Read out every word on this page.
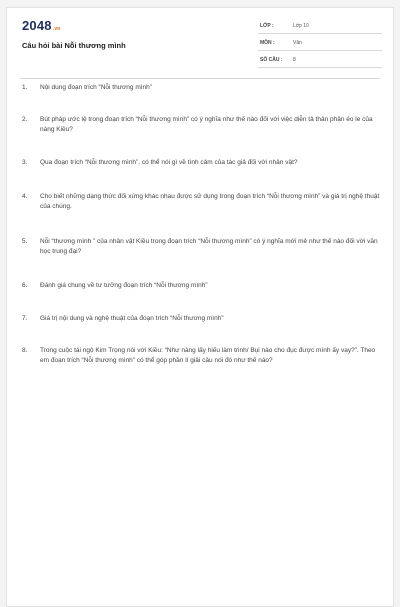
2048.vn
Câu hỏi bài Nỗi thương mình
LỚP :	Lớp 10
MÔN :	Văn
SỐ CÂU : 8
1. Nội dung đoạn trích “Nỗi thương mình”
2. Bút pháp ước lệ trong đoạn trích “Nỗi thương mình” có ý nghĩa như thế nào đối với việc diễn tả thân phận éo le của nàng Kiều?
3. Qua đoạn trích “Nỗi thương mình”, có thể nói gì về tình cảm của tác giả đối với nhân vật?
4. Cho biết những dạng thức đối xứng khác nhau được sử dụng trong đoạn trích “Nỗi thương mình” và giá trị nghệ thuật của chúng.
5. Nỗi “thương mình ” của nhân vật Kiều trong đoạn trích “Nỗi thương mình” có ý nghĩa mới mẻ như thế nào đối với văn học trung đại?
6. Đánh giá chung về tư tưởng đoạn trích “Nỗi thương mình”
7. Giá trị nội dung và nghệ thuật của đoạn trích “Nỗi thương mình”
8. Trong cuộc tái ngộ Kim Trọng nói với Kiều: “Như nàng lấy hiếu làm trinh/ Bụi nào cho đục được mình ấy vay?”. Theo em đoạn trích “Nỗi thương mình” có thể góp phần lí giải câu nói đó như thế nào?
